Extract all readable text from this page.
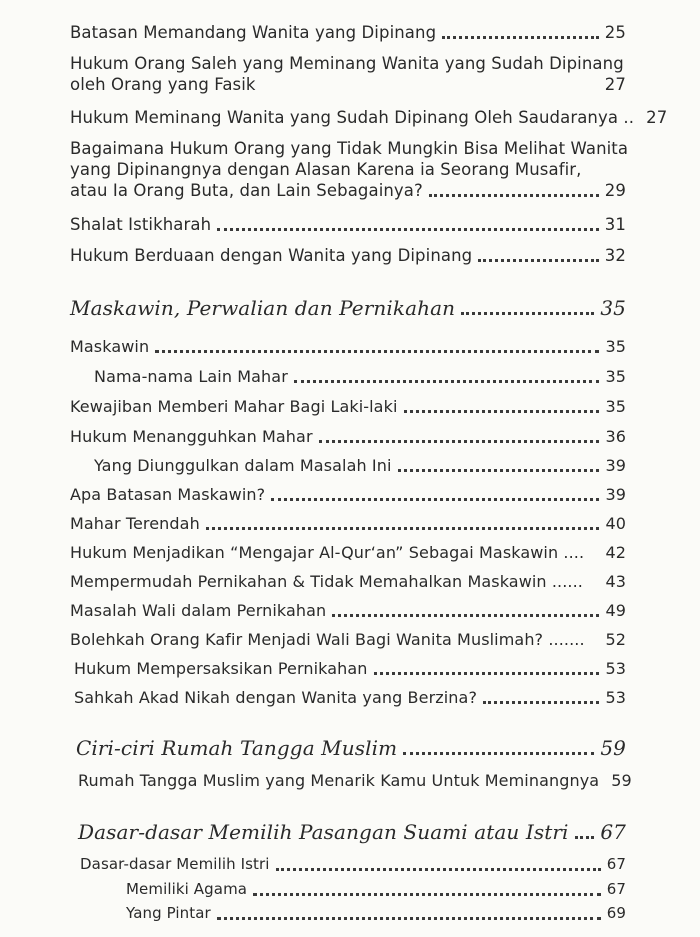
Batasan Memandang Wanita yang Dipinang	25
Hukum Orang Saleh yang Meminang Wanita yang Sudah Dipinang
oleh Orang yang Fasik	27
Hukum Meminang Wanita yang Sudah Dipinang Oleh Saudaranya .. 27
Bagaimana Hukum Orang yang Tidak Mungkin Bisa Melihat Wanita
yang Dipinangnya dengan Alasan Karena ia Seorang Musafir,
atau Ia Orang Buta, dan Lain Sebagainya?	29
Shalat Istikharah	31
Hukum Berduaan dengan Wanita yang Dipinang	32
Maskawin, Perwalian dan Pernikahan	35
Maskawin	35
Nama-nama Lain Mahar	35
Kewajiban Memberi Mahar Bagi Laki-laki	35
Hukum Menangguhkan Mahar	36
Yang Diunggulkan dalam Masalah Ini	39
Apa Batasan Maskawin?	39
Mahar Terendah	40
Hukum Menjadikan “Mengajar Al-Qur‘an” Sebagai Maskawin .... 42
Mempermudah Pernikahan & Tidak Memahalkan Maskawin ...... 43
Masalah Wali dalam Pernikahan	49
Bolehkah Orang Kafir Menjadi Wali Bagi Wanita Muslimah? ....... 52
Hukum Mempersaksikan Pernikahan	53
Sahkah Akad Nikah dengan Wanita yang Berzina?	53
Ciri-ciri Rumah Tangga Muslim	59
Rumah Tangga Muslim yang Menarik Kamu Untuk Meminangnya 59
Dasar-dasar Memilih Pasangan Suami atau Istri 67
Dasar-dasar Memilih Istri	67
Memiliki Agama	67
Yang Pintar	69
